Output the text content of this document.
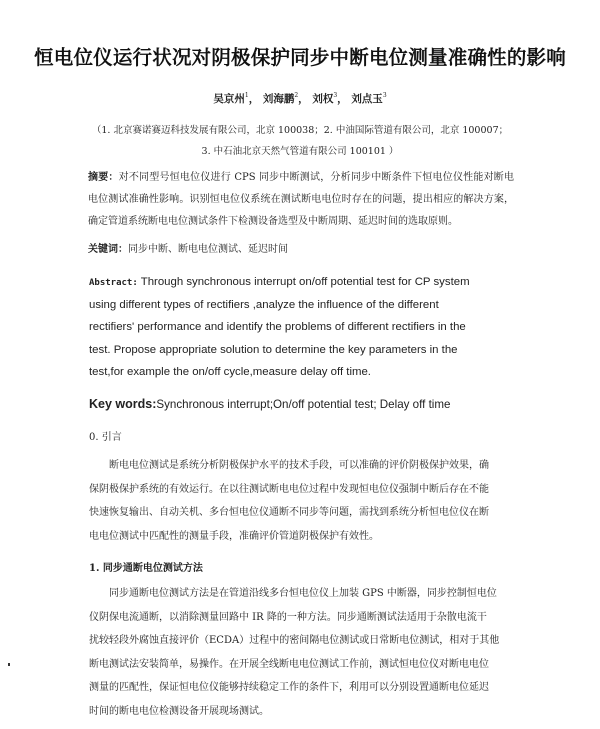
恒电位仪运行状况对阴极保护同步中断电位测量准确性的影响
吴京州$^1$， 刘海鹏$^2$， 刘权$^3$， 刘点玉$^3$
（1. 北京赛诺赛迈科技发展有限公司，北京 100038；2. 中油国际管道有限公司，北京 100007；
3. 中石油北京天然气管道有限公司 100101 ）
摘要：对不同型号恒电位仪进行 CPS 同步中断测试，分析同步中断条件下恒电位仪性能对断电电位测试准确性影响。识别恒电位仪系统在测试断电电位时存在的问题，提出相应的解决方案，确定管道系统断电电位测试条件下检测设备选型及中断周期、延迟时间的选取原则。
关键词：同步中断、断电电位测试、延迟时间
Abstract: Through synchronous interrupt on/off potential test for CP system
using different types of rectifiers ,analyze the influence of the different
rectifiers' performance and identify the problems of different rectifiers in the
test. Propose appropriate solution to determine the key parameters in the
test,for example the on/off cycle,measure delay off time.
Key words:Synchronous interrupt;On/off potential test; Delay off time
0. 引言
断电电位测试是系统分析阴极保护水平的技术手段，可以准确的评价阴极保护效果，确
保阴极保护系统的有效运行。在以往测试断电电位过程中发现恒电位仪强制中断后存在不能
快速恢复输出、自动关机、多台恒电位仪通断不同步等问题，需找到系统分析恒电位仪在断
电电位测试中匹配性的测量手段，准确评价管道阴极保护有效性。
1. 同步通断电位测试方法
同步通断电位测试方法是在管道沿线多台恒电位仪上加装 GPS 中断器，同步控制恒电位
仪阴保电流通断，以消除测量回路中 IR 降的一种方法。同步通断测试法适用于杂散电流干
扰较轻段外腐蚀直接评价（ECDA）过程中的密间隔电位测试或日常断电位测试，相对于其他
断电测试法安装简单，易操作。在开展全线断电电位测试工作前，测试恒电位仪对断电电位
测量的匹配性，保证恒电位仪能够持续稳定工作的条件下，利用可以分别设置通断电位延迟
时间的断电电位检测设备开展现场测试。
